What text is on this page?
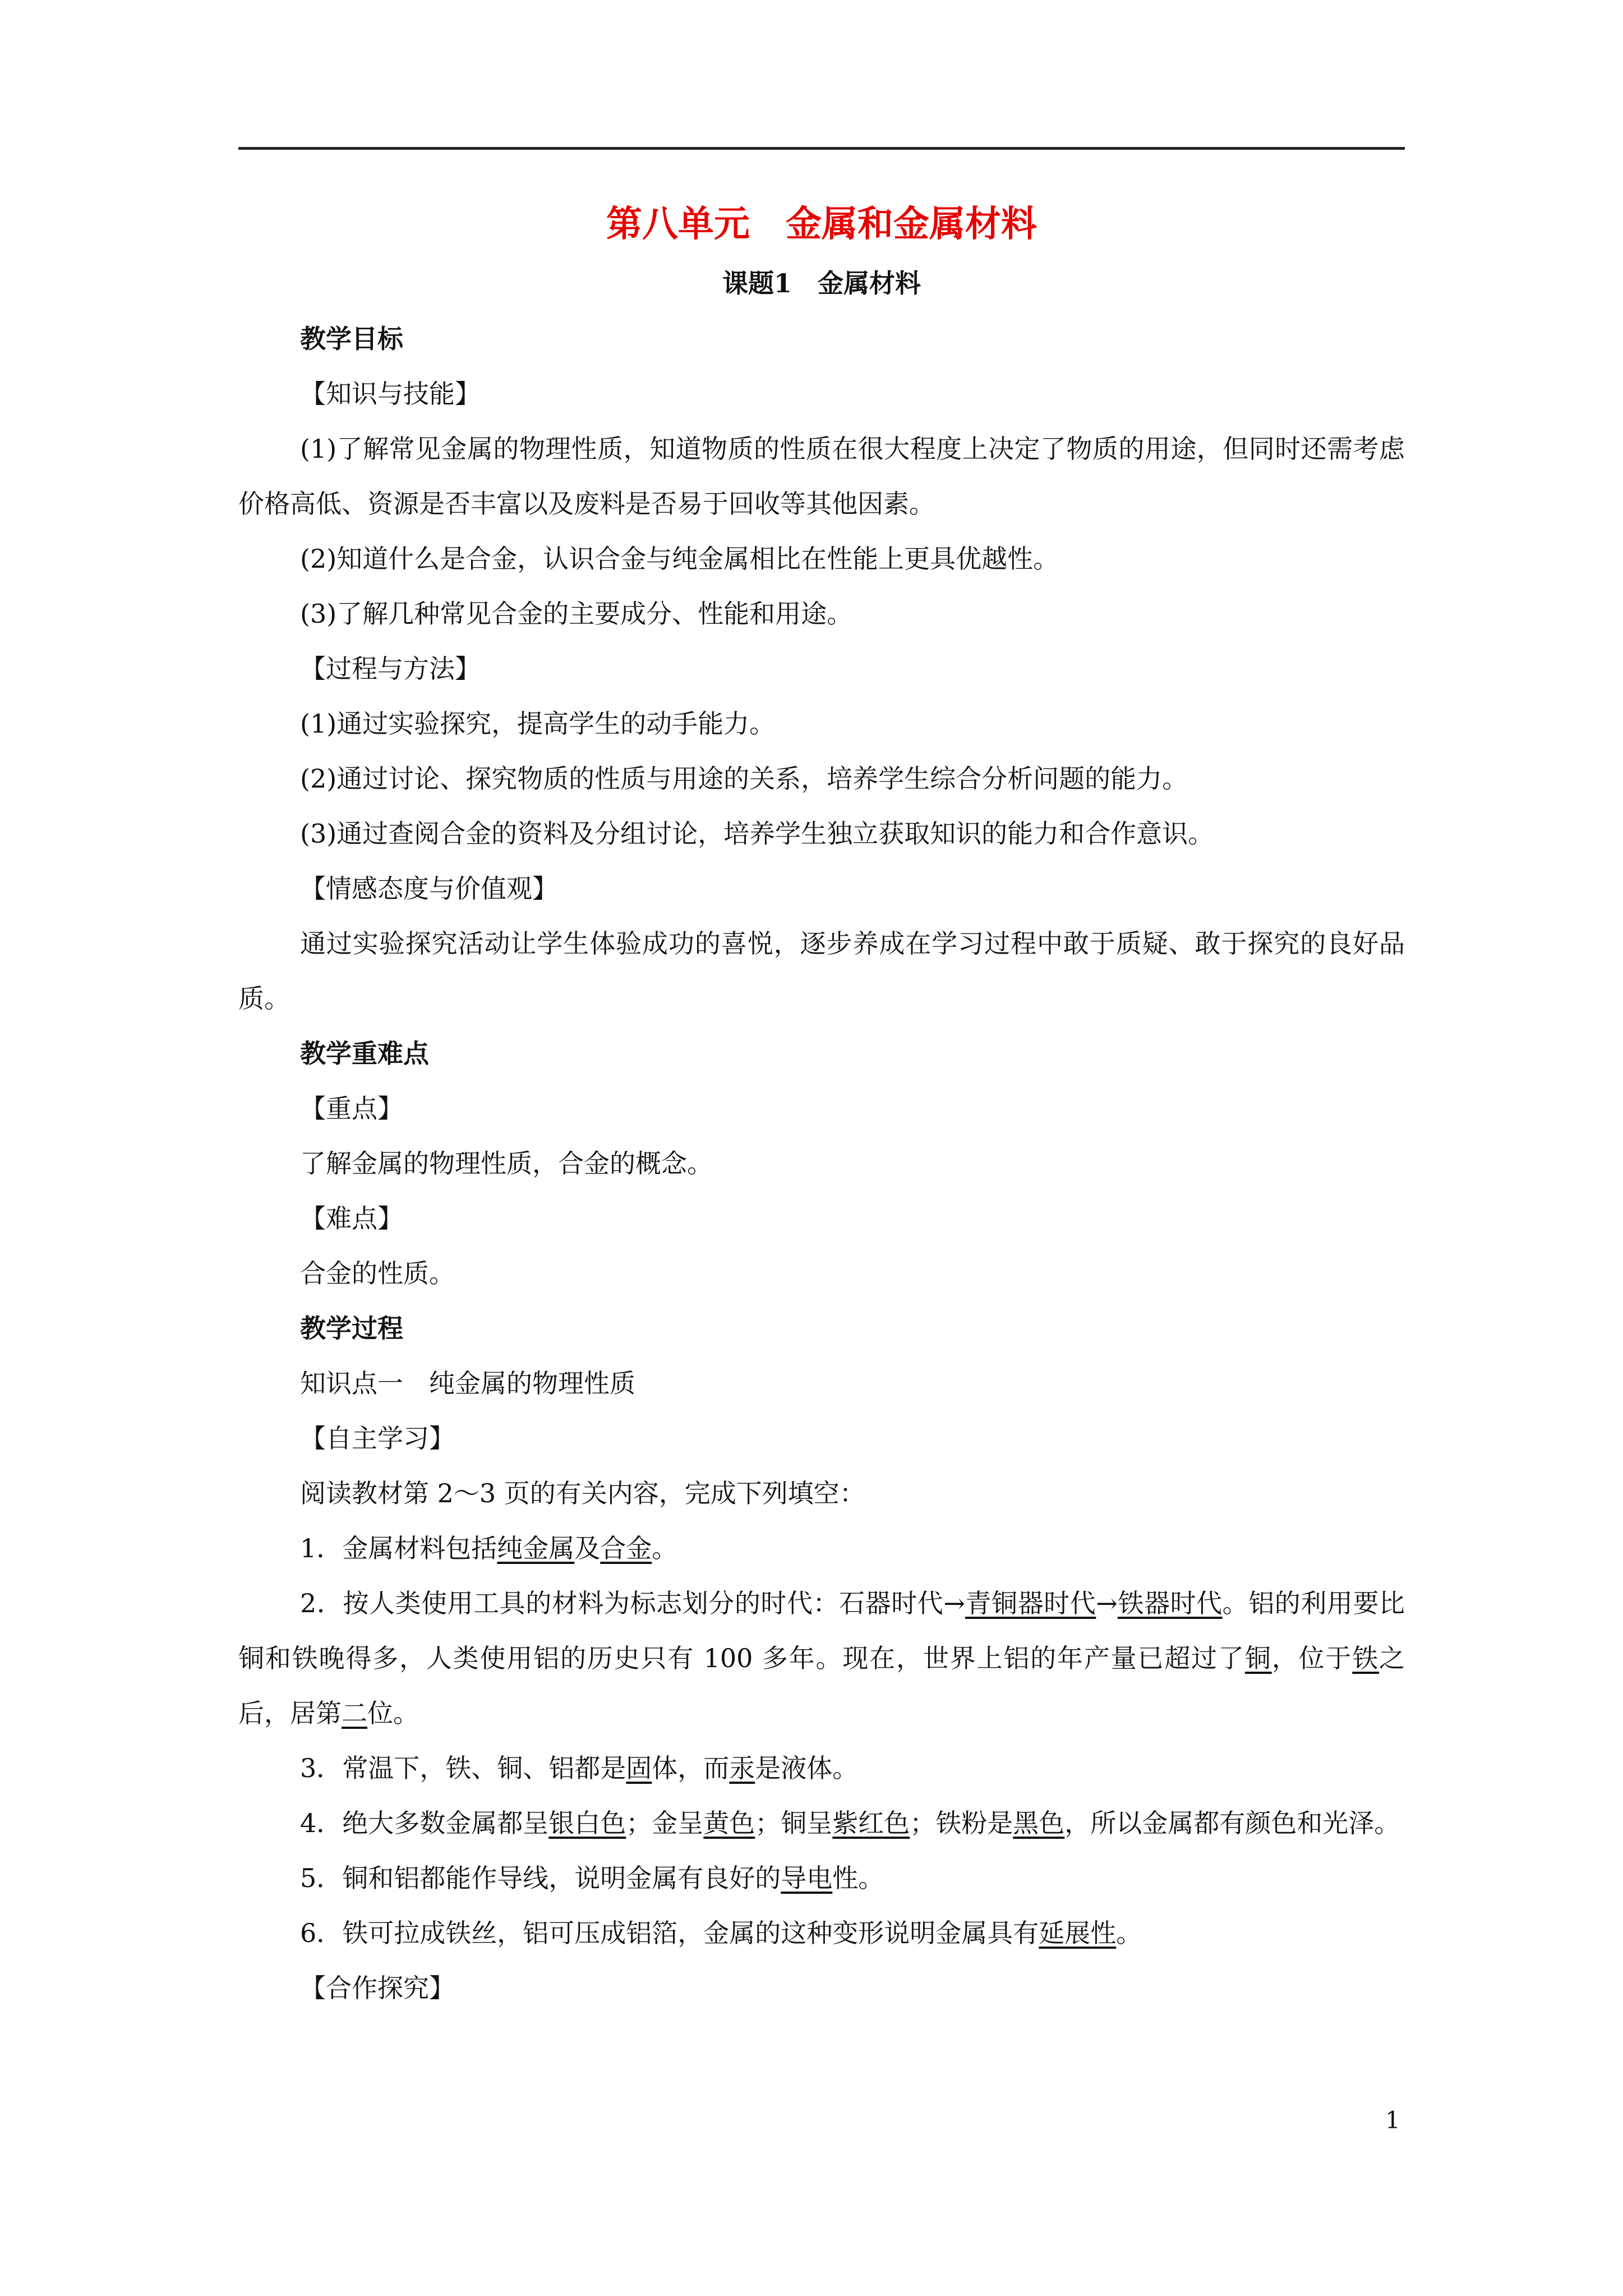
第八单元　金属和金属材料

课题1　金属材料

教学目标

【知识与技能】

(1)了解常见金属的物理性质，知道物质的性质在很大程度上决定了物质的用途，但同时还需考虑价格高低、资源是否丰富以及废料是否易于回收等其他因素。

(2)知道什么是合金，认识合金与纯金属相比在性能上更具优越性。

(3)了解几种常见合金的主要成分、性能和用途。

【过程与方法】

(1)通过实验探究，提高学生的动手能力。

(2)通过讨论、探究物质的性质与用途的关系，培养学生综合分析问题的能力。

(3)通过查阅合金的资料及分组讨论，培养学生独立获取知识的能力和合作意识。

【情感态度与价值观】

通过实验探究活动让学生体验成功的喜悦，逐步养成在学习过程中敢于质疑、敢于探究的良好品质。

教学重难点

【重点】

了解金属的物理性质，合金的概念。

【难点】

合金的性质。

教学过程

知识点一　纯金属的物理性质

【自主学习】

阅读教材第 2～3 页的有关内容，完成下列填空：

1．金属材料包括纯金属及合金。

2．按人类使用工具的材料为标志划分的时代：石器时代→青铜器时代→铁器时代。铝的利用要比铜和铁晚得多，人类使用铝的历史只有 100 多年。现在，世界上铝的年产量已超过了铜，位于铁之后，居第二位。

3．常温下，铁、铜、铝都是固体，而汞是液体。

4．绝大多数金属都呈银白色；金呈黄色；铜呈紫红色；铁粉是黑色，所以金属都有颜色和光泽。

5．铜和铝都能作导线，说明金属有良好的导电性。

6．铁可拉成铁丝，铝可压成铝箔，金属的这种变形说明金属具有延展性。

【合作探究】

1
